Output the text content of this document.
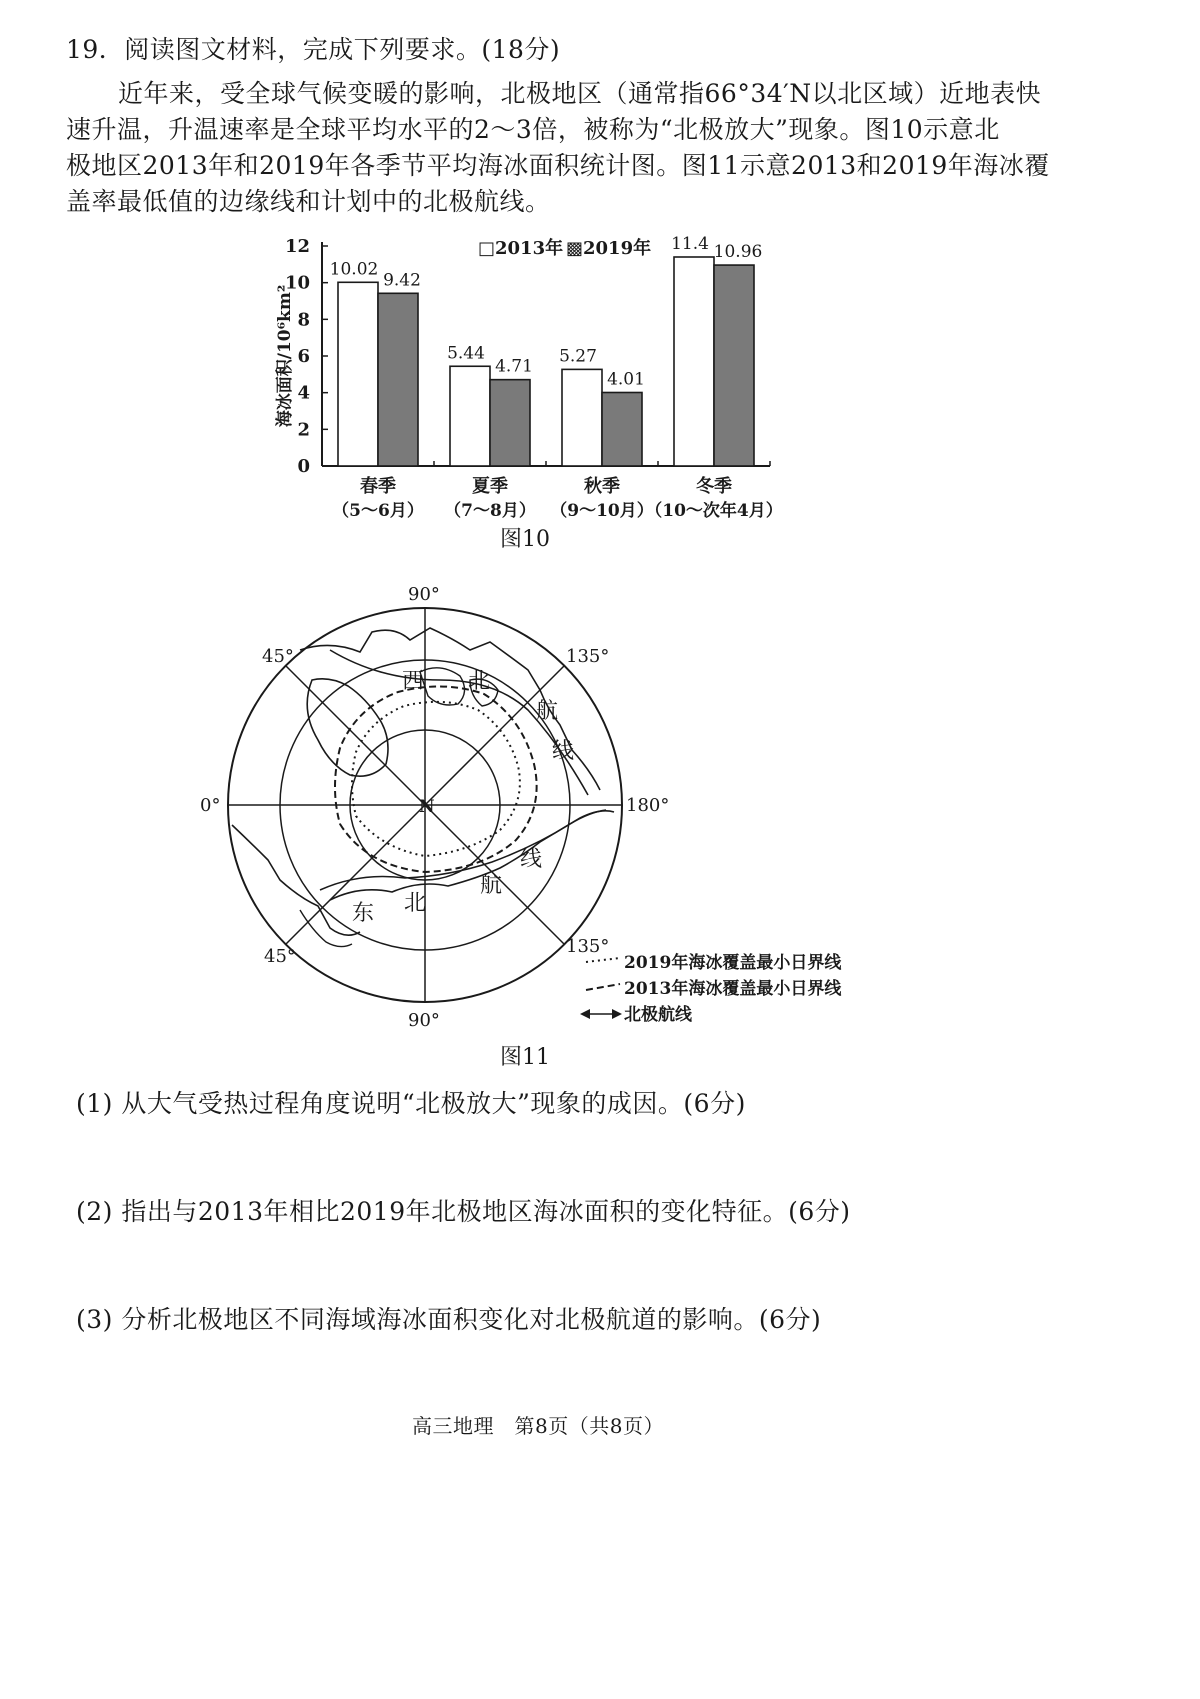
19．阅读图文材料，完成下列要求。(18分)
近年来，受全球气候变暖的影响，北极地区（通常指66°34′N以北区域）近地表快
速升温，升温速率是全球平均水平的2～3倍，被称为“北极放大”现象。图10示意北
极地区2013年和2019年各季节平均海冰面积统计图。图11示意2013和2019年海冰覆
盖率最低值的边缘线和计划中的北极航线。
0
2
4
6
8
10
12
海冰面积/10⁶km²
10.02
9.42
春季
（5～6月）
5.44
4.71
夏季
（7～8月）
5.27
4.01
秋季
（9～10月）
11.4 10.96
冬季
（10～次年4月）
□2013年 ▩2019年
图10
N
90°
45°	135°
0°	180°
45°	135°
90°
西 北
航
线
东 北
航
线
2019年海冰覆盖最小日界线
2013年海冰覆盖最小日界线
北极航线
图11
(1) 从大气受热过程角度说明“北极放大”现象的成因。(6分)
(2) 指出与2013年相比2019年北极地区海冰面积的变化特征。(6分)
(3) 分析北极地区不同海域海冰面积变化对北极航道的影响。(6分)
高三地理　第8页（共8页）
